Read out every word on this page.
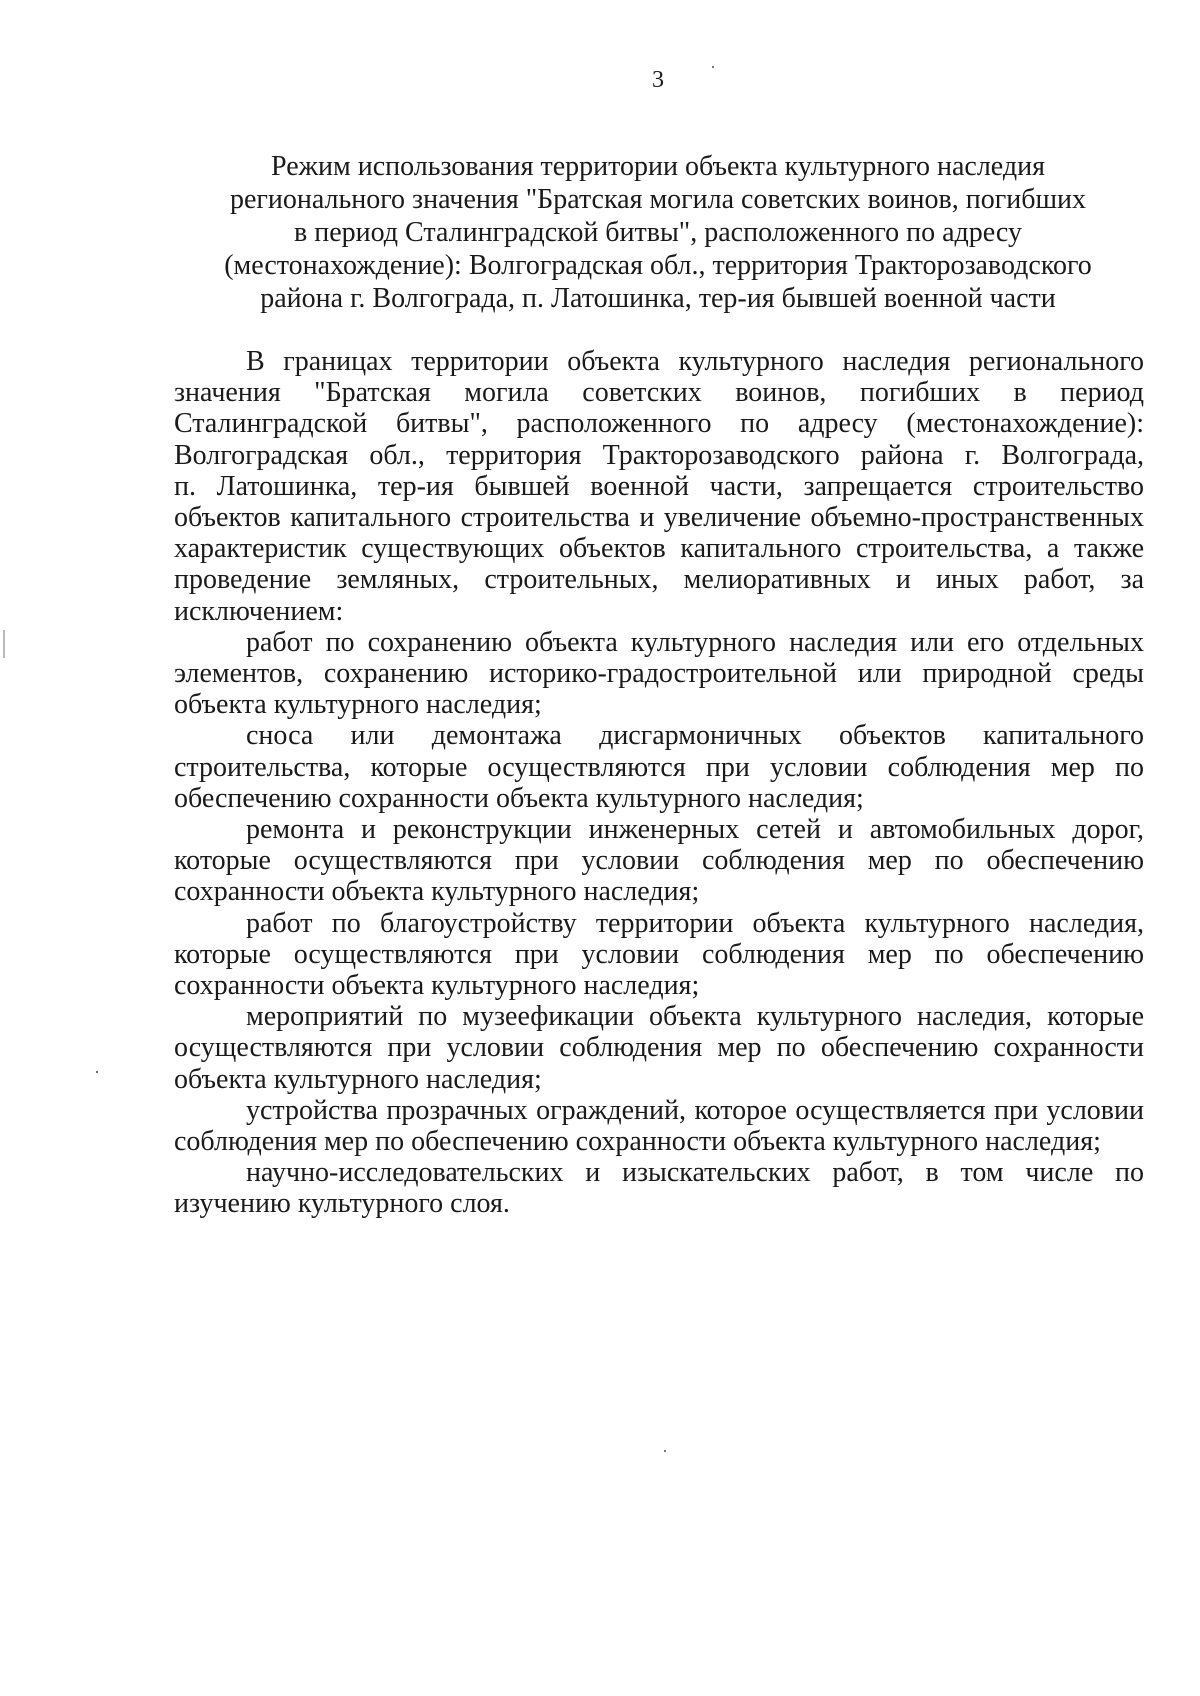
3
Режим использования территории объекта культурного наследия
регионального значения "Братская могила советских воинов, погибших
в период Сталинградской битвы", расположенного по адресу
(местонахождение): Волгоградская обл., территория Тракторозаводского
района г. Волгограда, п. Латошинка, тер-ия бывшей военной части
В границах территории объекта культурного наследия регионального
значения "Братская могила советских воинов, погибших в период
Сталинградской битвы", расположенного по адресу (местонахождение):
Волгоградская обл., территория Тракторозаводского района г. Волгограда,
п. Латошинка, тер-ия бывшей военной части, запрещается строительство
объектов капитального строительства и увеличение объемно-пространственных
характеристик существующих объектов капитального строительства, а также
проведение земляных, строительных, мелиоративных и иных работ, за
исключением:
работ по сохранению объекта культурного наследия или его отдельных
элементов, сохранению историко-градостроительной или природной среды
объекта культурного наследия;
сноса или демонтажа дисгармоничных объектов капитального
строительства, которые осуществляются при условии соблюдения мер по
обеспечению сохранности объекта культурного наследия;
ремонта и реконструкции инженерных сетей и автомобильных дорог,
которые осуществляются при условии соблюдения мер по обеспечению
сохранности объекта культурного наследия;
работ по благоустройству территории объекта культурного наследия,
которые осуществляются при условии соблюдения мер по обеспечению
сохранности объекта культурного наследия;
мероприятий по музеефикации объекта культурного наследия, которые
осуществляются при условии соблюдения мер по обеспечению сохранности
объекта культурного наследия;
устройства прозрачных ограждений, которое осуществляется при условии
соблюдения мер по обеспечению сохранности объекта культурного наследия;
научно-исследовательских и изыскательских работ, в том числе по
изучению культурного слоя.
